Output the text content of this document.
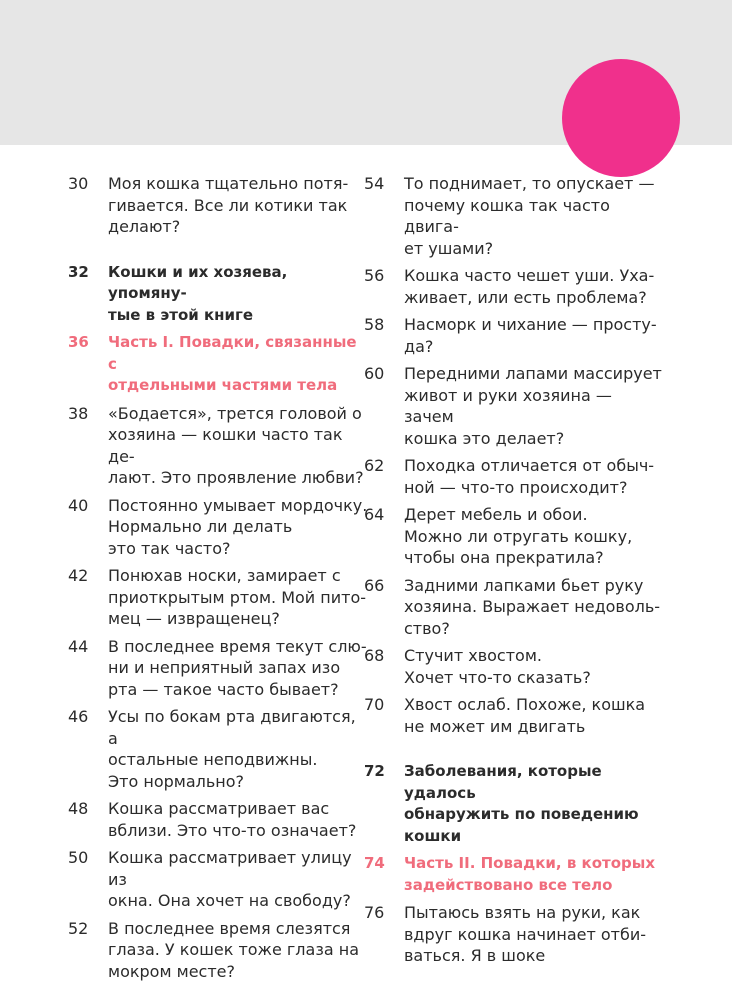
30	Моя кошка тщательно потя-
гивается. Все ли котики так
делают?
32	Кошки и их хозяева, упомяну-
тые в этой книге
36	Часть I. Повадки, связанные с
отдельными частями тела
38	«Бодается», трется головой о
хозяина — кошки часто так де-
лают. Это проявление любви?
40	Постоянно умывает мордочку.
Нормально ли делать
это так часто?
42	Понюхав носки, замирает с
приоткрытым ртом. Мой пито-
мец — извращенец?
44	В последнее время текут слю-
ни и неприятный запах изо
рта — такое часто бывает?
46	Усы по бокам рта двигаются, а
остальные неподвижны.
Это нормально?
48	Кошка рассматривает вас
вблизи. Это что-то означает?
50	Кошка рассматривает улицу из
окна. Она хочет на свободу?
52	В последнее время слезятся
глаза. У кошек тоже глаза на
мокром месте?
54	То поднимает, то опускает —
почему кошка так часто двига-
ет ушами?
56	Кошка часто чешет уши. Уха-
живает, или есть проблема?
58	Насморк и чихание — просту-
да?
60	Передними лапами массирует
живот и руки хозяина — зачем
кошка это делает?
62	Походка отличается от обыч-
ной — что-то происходит?
64	Дерет мебель и обои.
Можно ли отругать кошку,
чтобы она прекратила?
66	Задними лапками бьет руку
хозяина. Выражает недоволь-
ство?
68	Стучит хвостом.
Хочет что-то сказать?
70	Хвост ослаб. Похоже, кошка
не может им двигать
72	Заболевания, которые удалось
обнаружить по поведению
кошки
74	Часть II. Повадки, в которых
задействовано все тело
76	Пытаюсь взять на руки, как
вдруг кошка начинает отби-
ваться. Я в шоке
